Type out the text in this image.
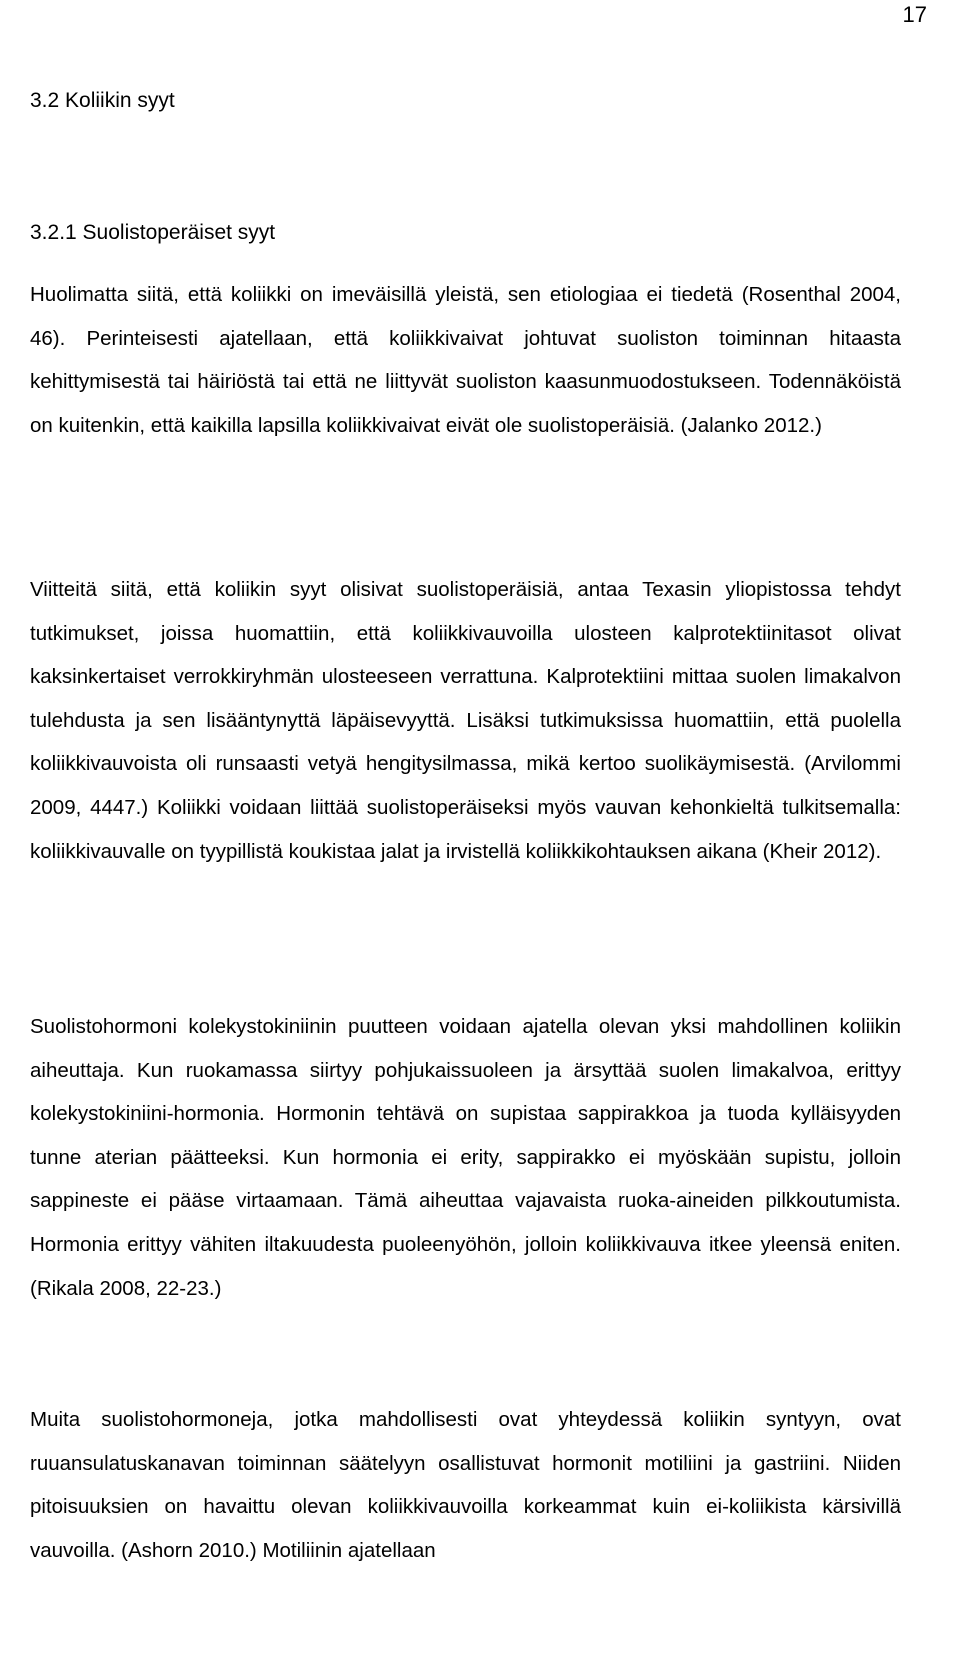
17
3.2 Koliikin syyt
3.2.1 Suolistoperäiset syyt

Huolimatta siitä, että koliikki on imeväisillä yleistä, sen etiologiaa ei tiedetä (Rosenthal 2004, 46). Perinteisesti ajatellaan, että koliikkivaivat johtuvat suoliston toiminnan hitaasta kehittymisestä tai häiriöstä tai että ne liittyvät suoliston kaasunmuodostukseen. Todennäköistä on kuitenkin, että kaikilla lapsilla koliikkivaivat eivät ole suolistoperäisiä. (Jalanko 2012.)

Viitteitä siitä, että koliikin syyt olisivat suolistoperäisiä, antaa Texasin yliopistossa tehdyt tutkimukset, joissa huomattiin, että koliikkivauvoilla ulosteen kalprotektiinitasot olivat kaksinkertaiset verrokkiryhmän ulosteeseen verrattuna. Kalprotektiini mittaa suolen limakalvon tulehdusta ja sen lisääntynyttä läpäisevyyttä. Lisäksi tutkimuksissa huomattiin, että puolella koliikkivauvoista oli runsaasti vetyä hengitysilmassa, mikä kertoo suolikäymisestä. (Arvilommi 2009, 4447.) Koliikki voidaan liittää suolistoperäiseksi myös vauvan kehonkieltä tulkitsemalla: koliikkivauvalle on tyypillistä koukistaa jalat ja irvistellä koliikkikohtauksen aikana (Kheir 2012).

Suolistohormoni kolekystokiniinin puutteen voidaan ajatella olevan yksi mahdollinen koliikin aiheuttaja. Kun ruokamassa siirtyy pohjukaissuoleen ja ärsyttää suolen limakalvoa, erittyy kolekystokiniini-hormonia. Hormonin tehtävä on supistaa sappirakkoa ja tuoda kylläisyyden tunne aterian päätteeksi. Kun hormonia ei erity, sappirakko ei myöskään supistu, jolloin sappineste ei pääse virtaamaan. Tämä aiheuttaa vajavaista ruoka-aineiden pilkkoutumista. Hormonia erittyy vähiten iltakuudesta puoleenyöhön, jolloin koliikkivauva itkee yleensä eniten. (Rikala 2008, 22-23.)

Muita suolistohormoneja, jotka mahdollisesti ovat yhteydessä koliikin syntyyn, ovat ruuansulatuskanavan toiminnan säätelyyn osallistuvat hormonit motiliini ja gastriini. Niiden pitoisuuksien on havaittu olevan koliikkivauvoilla korkeammat kuin ei-koliikista kärsivillä vauvoilla. (Ashorn 2010.) Motiliinin ajatellaan
